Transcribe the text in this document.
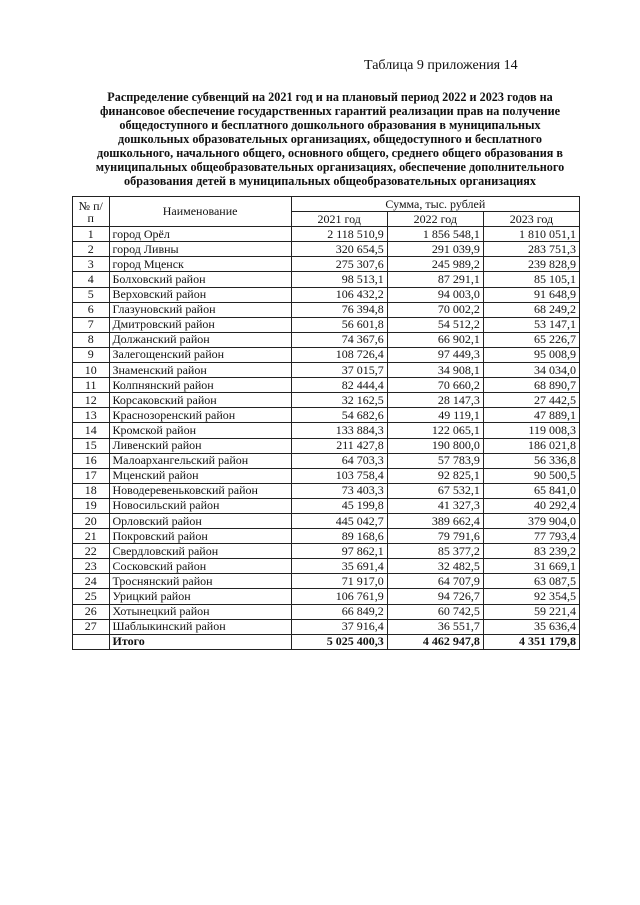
Таблица 9 приложения 14
Распределение субвенций на 2021 год и на плановый период 2022 и 2023 годов на
финансовое обеспечение государственных гарантий реализации прав на получение
общедоступного и бесплатного дошкольного образования в муниципальных
дошкольных образовательных организациях, общедоступного и бесплатного
дошкольного, начального общего, основного общего, среднего общего образования в
муниципальных общеобразовательных организациях, обеспечение дополнительного
образования детей в муниципальных общеобразовательных организациях
№ п/п	Наименование	Сумма, тыс. рублей		
		2021 год	2022 год	2023 год
1	город Орёл	2 118 510,9	1 856 548,1	1 810 051,1
2	город Ливны	320 654,5	291 039,9	283 751,3
3	город Мценск	275 307,6	245 989,2	239 828,9
4	Болховский район	98 513,1	87 291,1	85 105,1
5	Верховский район	106 432,2	94 003,0	91 648,9
6	Глазуновский район	76 394,8	70 002,2	68 249,2
7	Дмитровский район	56 601,8	54 512,2	53 147,1
8	Должанский район	74 367,6	66 902,1	65 226,7
9	Залегощенский район	108 726,4	97 449,3	95 008,9
10	Знаменский район	37 015,7	34 908,1	34 034,0
11	Колпнянский район	82 444,4	70 660,2	68 890,7
12	Корсаковский район	32 162,5	28 147,3	27 442,5
13	Краснозоренский район	54 682,6	49 119,1	47 889,1
14	Кромской район	133 884,3	122 065,1	119 008,3
15	Ливенский район	211 427,8	190 800,0	186 021,8
16	Малоархангельский район	64 703,3	57 783,9	56 336,8
17	Мценский район	103 758,4	92 825,1	90 500,5
18	Новодеревеньковский район	73 403,3	67 532,1	65 841,0
19	Новосильский район	45 199,8	41 327,3	40 292,4
20	Орловский район	445 042,7	389 662,4	379 904,0
21	Покровский район	89 168,6	79 791,6	77 793,4
22	Свердловский район	97 862,1	85 377,2	83 239,2
23	Сосковский район	35 691,4	32 482,5	31 669,1
24	Троснянский район	71 917,0	64 707,9	63 087,5
25	Урицкий район	106 761,9	94 726,7	92 354,5
26	Хотынецкий район	66 849,2	60 742,5	59 221,4
27	Шаблыкинский район	37 916,4	36 551,7	35 636,4
	Итого	5 025 400,3	4 462 947,8	4 351 179,8
